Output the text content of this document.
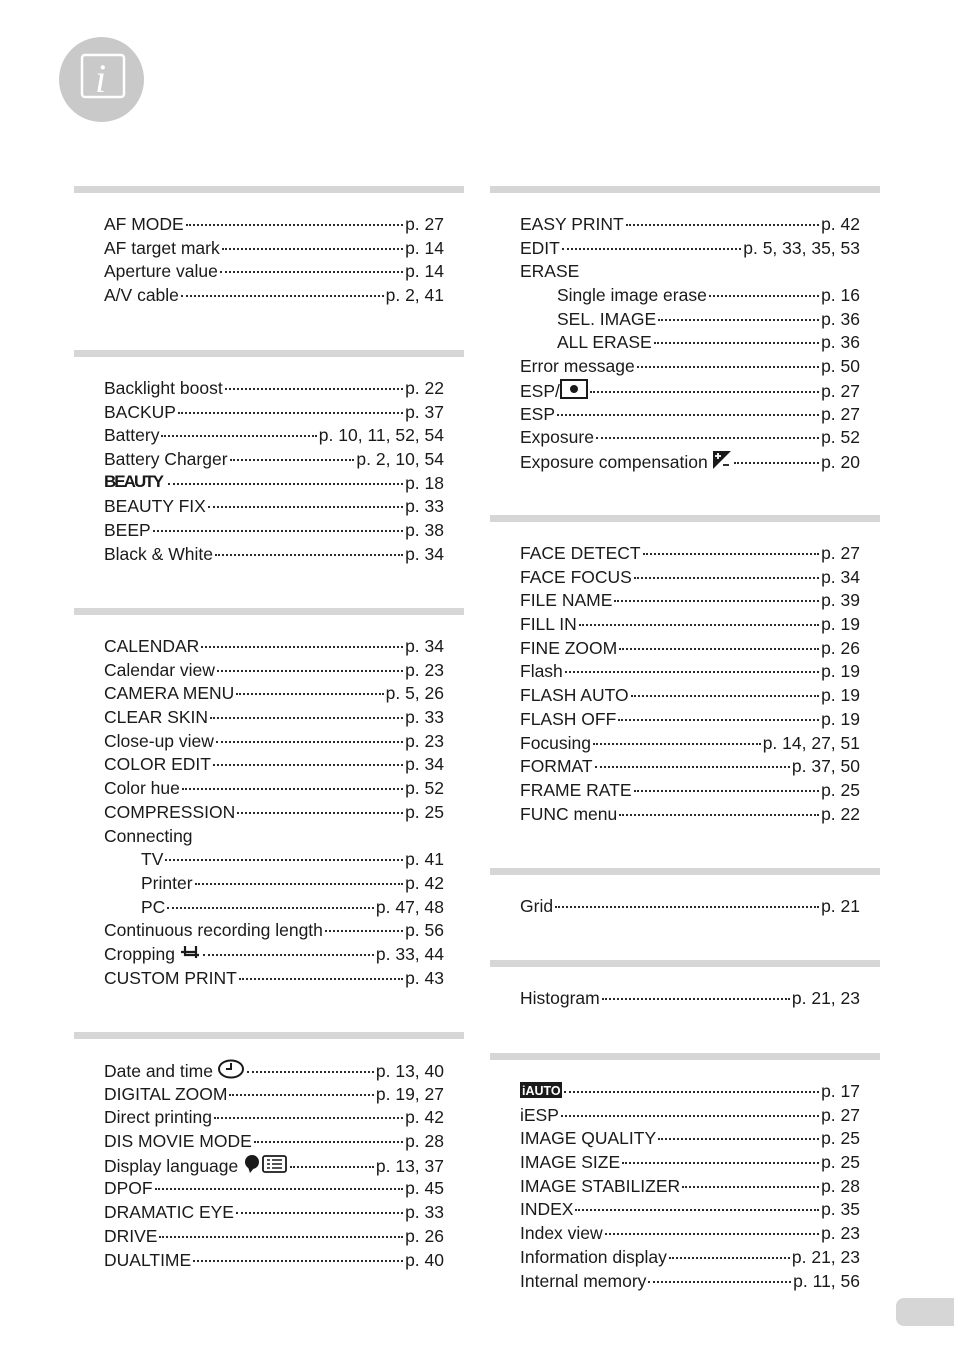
i
AF MODE	p. 27
AF target mark	p. 14
Aperture value	p. 14
A/V cable	p. 2, 41
Backlight boost	p. 22
BACKUP	p. 37
Battery	p. 10, 11, 52, 54
Battery Charger	p. 2, 10, 54
BEAUTY	p. 18
BEAUTY FIX	p. 33
BEEP	p. 38
Black & White	p. 34
CALENDAR	p. 34
Calendar view	p. 23
CAMERA MENU	p. 5, 26
CLEAR SKIN	p. 33
Close-up view	p. 23
COLOR EDIT	p. 34
Color hue	p. 52
COMPRESSION	p. 25
Connecting
TV	p. 41
Printer	p. 42
PC	p. 47, 48
Continuous recording length	p. 56
Cropping	p. 33, 44
CUSTOM PRINT	p. 43
Date and time	p. 13, 40
DIGITAL ZOOM	p. 19, 27
Direct printing	p. 42
DIS MOVIE MODE	p. 28
Display language	p. 13, 37
DPOF	p. 45
DRAMATIC EYE	p. 33
DRIVE	p. 26
DUALTIME	p. 40
EASY PRINT	p. 42
EDIT	p. 5, 33, 35, 53
ERASE
Single image erase	p. 16
SEL. IMAGE	p. 36
ALL ERASE	p. 36
Error message	p. 50
ESP/	p. 27
ESP	p. 27
Exposure	p. 52
Exposure compensation	p. 20
FACE DETECT	p. 27
FACE FOCUS	p. 34
FILE NAME	p. 39
FILL IN	p. 19
FINE ZOOM	p. 26
Flash	p. 19
FLASH AUTO	p. 19
FLASH OFF	p. 19
Focusing	p. 14, 27, 51
FORMAT	p. 37, 50
FRAME RATE	p. 25
FUNC menu	p. 22
Grid	p. 21
Histogram	p. 21, 23
iAUTO	p. 17
iESP	p. 27
IMAGE QUALITY	p. 25
IMAGE SIZE	p. 25
IMAGE STABILIZER	p. 28
INDEX	p. 35
Index view	p. 23
Information display	p. 21, 23
Internal memory	p. 11, 56
